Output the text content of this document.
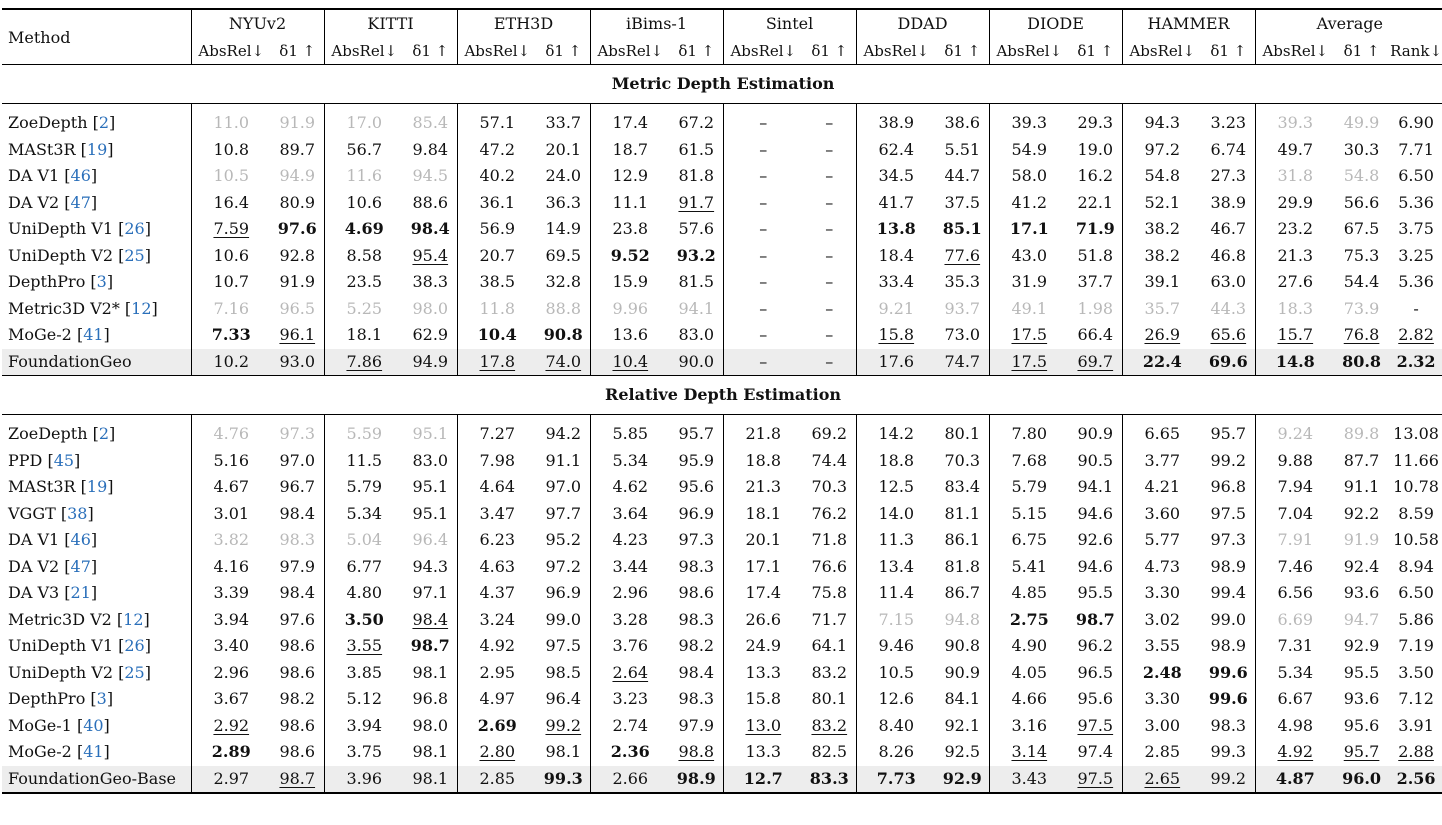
Method	NYUv2		KITTI		ETH3D		iBims-1		Sintel		DDAD		DIODE		HAMMER		Average		
	AbsRel↓	δ1 ↑	AbsRel↓	δ1 ↑	AbsRel↓	δ1 ↑	AbsRel↓	δ1 ↑	AbsRel↓	δ1 ↑	AbsRel↓	δ1 ↑	AbsRel↓	δ1 ↑	AbsRel↓	δ1 ↑	AbsRel↓	δ1 ↑	Rank↓
Metric Depth Estimation																			

ZoeDepth [2]	11.0	91.9	17.0	85.4	57.1	33.7	17.4	67.2	–	–	38.9	38.6	39.3	29.3	94.3	3.23	39.3	49.9	6.90
MASt3R [19]	10.8	89.7	56.7	9.84	47.2	20.1	18.7	61.5	–	–	62.4	5.51	54.9	19.0	97.2	6.74	49.7	30.3	7.71
DA V1 [46]	10.5	94.9	11.6	94.5	40.2	24.0	12.9	81.8	–	–	34.5	44.7	58.0	16.2	54.8	27.3	31.8	54.8	6.50
DA V2 [47]	16.4	80.9	10.6	88.6	36.1	36.3	11.1	91.7	–	–	41.7	37.5	41.2	22.1	52.1	38.9	29.9	56.6	5.36
UniDepth V1 [26]	7.59	97.6	4.69	98.4	56.9	14.9	23.8	57.6	–	–	13.8	85.1	17.1	71.9	38.2	46.7	23.2	67.5	3.75
UniDepth V2 [25]	10.6	92.8	8.58	95.4	20.7	69.5	9.52	93.2	–	–	18.4	77.6	43.0	51.8	38.2	46.8	21.3	75.3	3.25
DepthPro [3]	10.7	91.9	23.5	38.3	38.5	32.8	15.9	81.5	–	–	33.4	35.3	31.9	37.7	39.1	63.0	27.6	54.4	5.36
Metric3D V2* [12]	7.16	96.5	5.25	98.0	11.8	88.8	9.96	94.1	–	–	9.21	93.7	49.1	1.98	35.7	44.3	18.3	73.9	-
MoGe-2 [41]	7.33	96.1	18.1	62.9	10.4	90.8	13.6	83.0	–	–	15.8	73.0	17.5	66.4	26.9	65.6	15.7	76.8	2.82
FoundationGeo	10.2	93.0	7.86	94.9	17.8	74.0	10.4	90.0	–	–	17.6	74.7	17.5	69.7	22.4	69.6	14.8	80.8	2.32
Relative Depth Estimation																			

ZoeDepth [2]	4.76	97.3	5.59	95.1	7.27	94.2	5.85	95.7	21.8	69.2	14.2	80.1	7.80	90.9	6.65	95.7	9.24	89.8	13.08
PPD [45]	5.16	97.0	11.5	83.0	7.98	91.1	5.34	95.9	18.8	74.4	18.8	70.3	7.68	90.5	3.77	99.2	9.88	87.7	11.66
MASt3R [19]	4.67	96.7	5.79	95.1	4.64	97.0	4.62	95.6	21.3	70.3	12.5	83.4	5.79	94.1	4.21	96.8	7.94	91.1	10.78
VGGT [38]	3.01	98.4	5.34	95.1	3.47	97.7	3.64	96.9	18.1	76.2	14.0	81.1	5.15	94.6	3.60	97.5	7.04	92.2	8.59
DA V1 [46]	3.82	98.3	5.04	96.4	6.23	95.2	4.23	97.3	20.1	71.8	11.3	86.1	6.75	92.6	5.77	97.3	7.91	91.9	10.58
DA V2 [47]	4.16	97.9	6.77	94.3	4.63	97.2	3.44	98.3	17.1	76.6	13.4	81.8	5.41	94.6	4.73	98.9	7.46	92.4	8.94
DA V3 [21]	3.39	98.4	4.80	97.1	4.37	96.9	2.96	98.6	17.4	75.8	11.4	86.7	4.85	95.5	3.30	99.4	6.56	93.6	6.50
Metric3D V2 [12]	3.94	97.6	3.50	98.4	3.24	99.0	3.28	98.3	26.6	71.7	7.15	94.8	2.75	98.7	3.02	99.0	6.69	94.7	5.86
UniDepth V1 [26]	3.40	98.6	3.55	98.7	4.92	97.5	3.76	98.2	24.9	64.1	9.46	90.8	4.90	96.2	3.55	98.9	7.31	92.9	7.19
UniDepth V2 [25]	2.96	98.6	3.85	98.1	2.95	98.5	2.64	98.4	13.3	83.2	10.5	90.9	4.05	96.5	2.48	99.6	5.34	95.5	3.50
DepthPro [3]	3.67	98.2	5.12	96.8	4.97	96.4	3.23	98.3	15.8	80.1	12.6	84.1	4.66	95.6	3.30	99.6	6.67	93.6	7.12
MoGe-1 [40]	2.92	98.6	3.94	98.0	2.69	99.2	2.74	97.9	13.0	83.2	8.40	92.1	3.16	97.5	3.00	98.3	4.98	95.6	3.91
MoGe-2 [41]	2.89	98.6	3.75	98.1	2.80	98.1	2.36	98.8	13.3	82.5	8.26	92.5	3.14	97.4	2.85	99.3	4.92	95.7	2.88
FoundationGeo-Base	2.97	98.7	3.96	98.1	2.85	99.3	2.66	98.9	12.7	83.3	7.73	92.9	3.43	97.5	2.65	99.2	4.87	96.0	2.56
